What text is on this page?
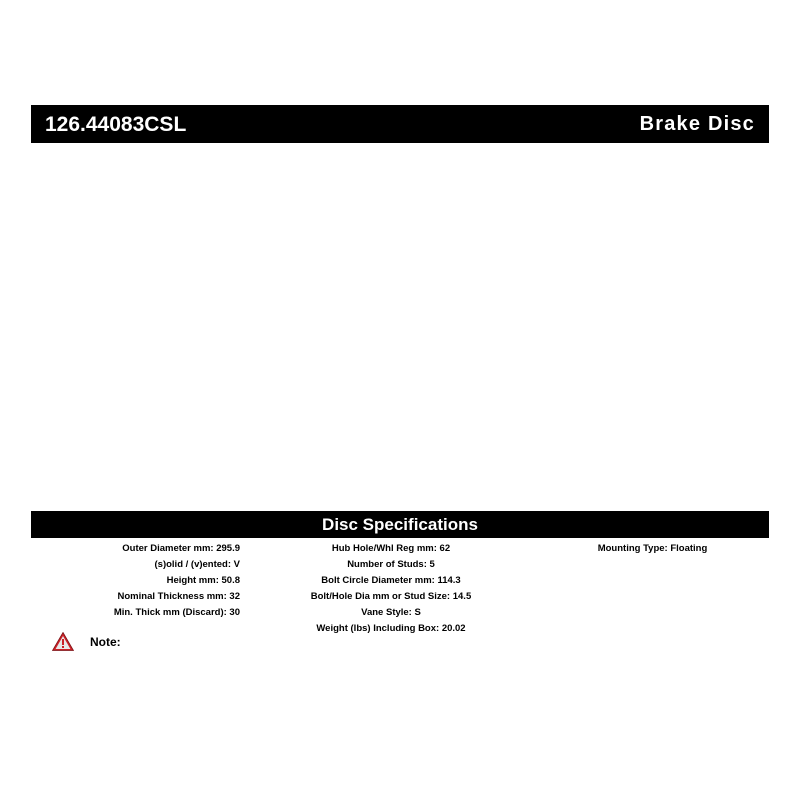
126.44083CSL	Brake Disc
Disc Specifications
Outer Diameter mm: 295.9
(s)olid / (v)ented: V
Height mm: 50.8
Nominal Thickness mm: 32
Min. Thick mm (Discard): 30
Hub Hole/Whl Reg mm: 62
Number of Studs: 5
Bolt Circle Diameter mm: 114.3
Bolt/Hole Dia mm or Stud Size: 14.5
Vane Style: S
Weight (lbs) Including Box: 20.02
Mounting Type: Floating
Note:
